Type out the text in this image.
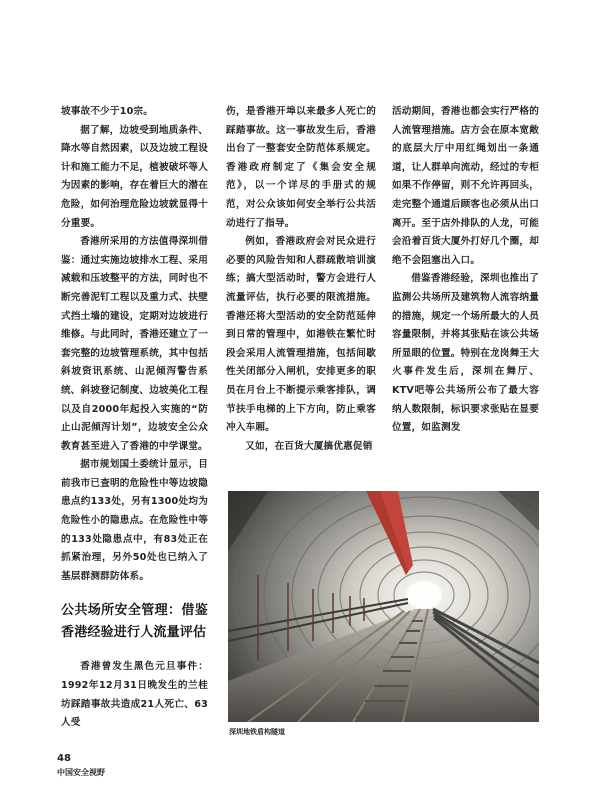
坡事故不少于10宗。

据了解，边坡受到地质条件、降水等自然因素，以及边坡工程设计和施工能力不足，植被破坏等人为因素的影响，存在着巨大的潜在危险，如何治理危险边坡就显得十分重要。

香港所采用的方法值得深圳借鉴：通过实施边坡排水工程、采用减载和压坡整平的方法，同时也不断完善泥钉工程以及重力式、扶壁式挡土墙的建设，定期对边坡进行维修。与此同时，香港还建立了一套完整的边坡管理系统，其中包括斜坡资讯系统、山泥倾泻警告系统、斜坡登记制度、边坡美化工程以及自2000年起投入实施的“防止山泥倾泻计划”，边坡安全公众教育甚至进入了香港的中学课堂。

据市规划国土委统计显示，目前我市已查明的危险性中等边坡隐患点约133处，另有1300处均为危险性小的隐患点。在危险性中等的133处隐患点中，有83处正在抓紧治理，另外50处也已纳入了基层群测群防体系。

公共场所安全管理：借鉴香港经验进行人流量评估

香港曾发生黑色元旦事件：1992年12月31日晚发生的兰桂坊踩踏事故共造成21人死亡、63人受

伤，是香港开埠以来最多人死亡的踩踏事故。这一事故发生后，香港出台了一整套安全防范体系规定。香港政府制定了《集会安全规范》，以一个详尽的手册式的规范，对公众该如何安全举行公共活动进行了指导。

例如，香港政府会对民众进行必要的风险告知和人群疏散培训演练；搞大型活动时，警方会进行人流量评估，执行必要的限流措施。香港还将大型活动的安全防范延伸到日常的管理中，如港铁在繁忙时段会采用人流管理措施，包括间歇性关闭部分入闸机，安排更多的职员在月台上不断提示乘客排队，调节扶手电梯的上下方向，防止乘客冲入车厢。

又如，在百货大厦搞优惠促销

活动期间，香港也都会实行严格的人流管理措施。店方会在原本宽敞的底层大厅中用红绳划出一条通道，让人群单向流动，经过的专柜如果不作停留，则不允许再回头，走完整个通道后顾客也必须从出口离开。至于店外排队的人龙，可能会沿着百货大厦外打好几个圈，却绝不会阻塞出入口。

借鉴香港经验，深圳也推出了监测公共场所及建筑物人流容纳量的措施，规定一个场所最大的人员容量限制，并将其张贴在该公共场所显眼的位置。特别在龙岗舞王大火事件发生后，深圳在舞厅、KTV吧等公共场所公布了最大容纳人数限制，标识要求张贴在显要位置，如监测发

深圳地铁盾构隧道
48
中国安全视野
